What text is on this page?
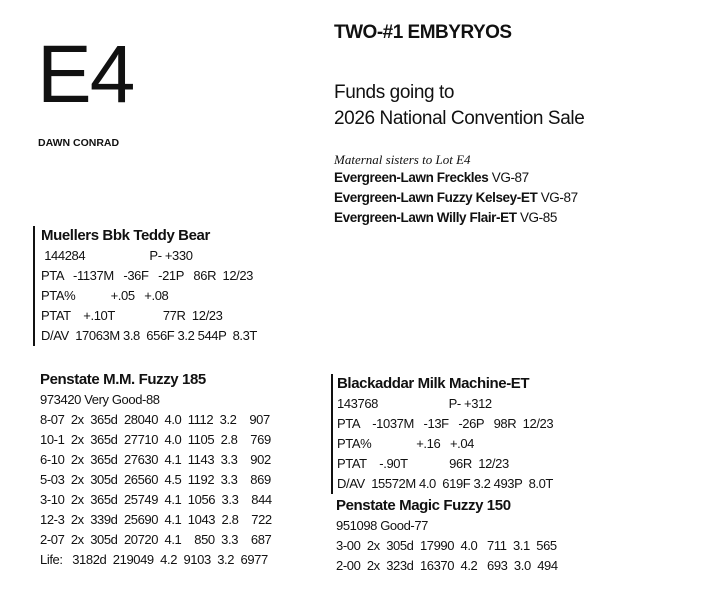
E4
DAWN CONRAD
TWO-#1 EMBYRYOS
Funds going to
2026 National Convention Sale
Maternal sisters to Lot E4
Evergreen-Lawn Freckles VG-87
Evergreen-Lawn Fuzzy Kelsey-ET VG-87
Evergreen-Lawn Willy Flair-ET VG-85
Muellers Bbk Teddy Bear
144284                    P- +330
PTA   -1137M   -36F   -21P   86R  12/23
PTA%           +.05   +.08
PTAT    +.10T               77R  12/23
D/AV  17063M 3.8  656F 3.2 544P  8.3T
Penstate M.M. Fuzzy 185
973420 Very Good-88
8-07  2x  365d  28040  4.0  1112  3.2    907
10-1  2x  365d  27710  4.0  1105  2.8    769
6-10  2x  365d  27630  4.1  1143  3.3    902
5-03  2x  305d  26560  4.5  1192  3.3    869
3-10  2x  365d  25749  4.1  1056  3.3    844
12-3  2x  339d  25690  4.1  1043  2.8    722
2-07  2x  305d  20720  4.1    850  3.3    687
Life:   3182d  219049  4.2  9103  3.2  6977
Blackaddar Milk Machine-ET
143768                      P- +312
PTA    -1037M   -13F   -26P   98R  12/23
PTA%              +.16   +.04
PTAT    -.90T             96R  12/23
D/AV  15572M 4.0  619F 3.2 493P  8.0T
Penstate Magic Fuzzy 150
951098 Good-77
3-00  2x  305d  17990  4.0   711  3.1  565
2-00  2x  323d  16370  4.2   693  3.0  494
